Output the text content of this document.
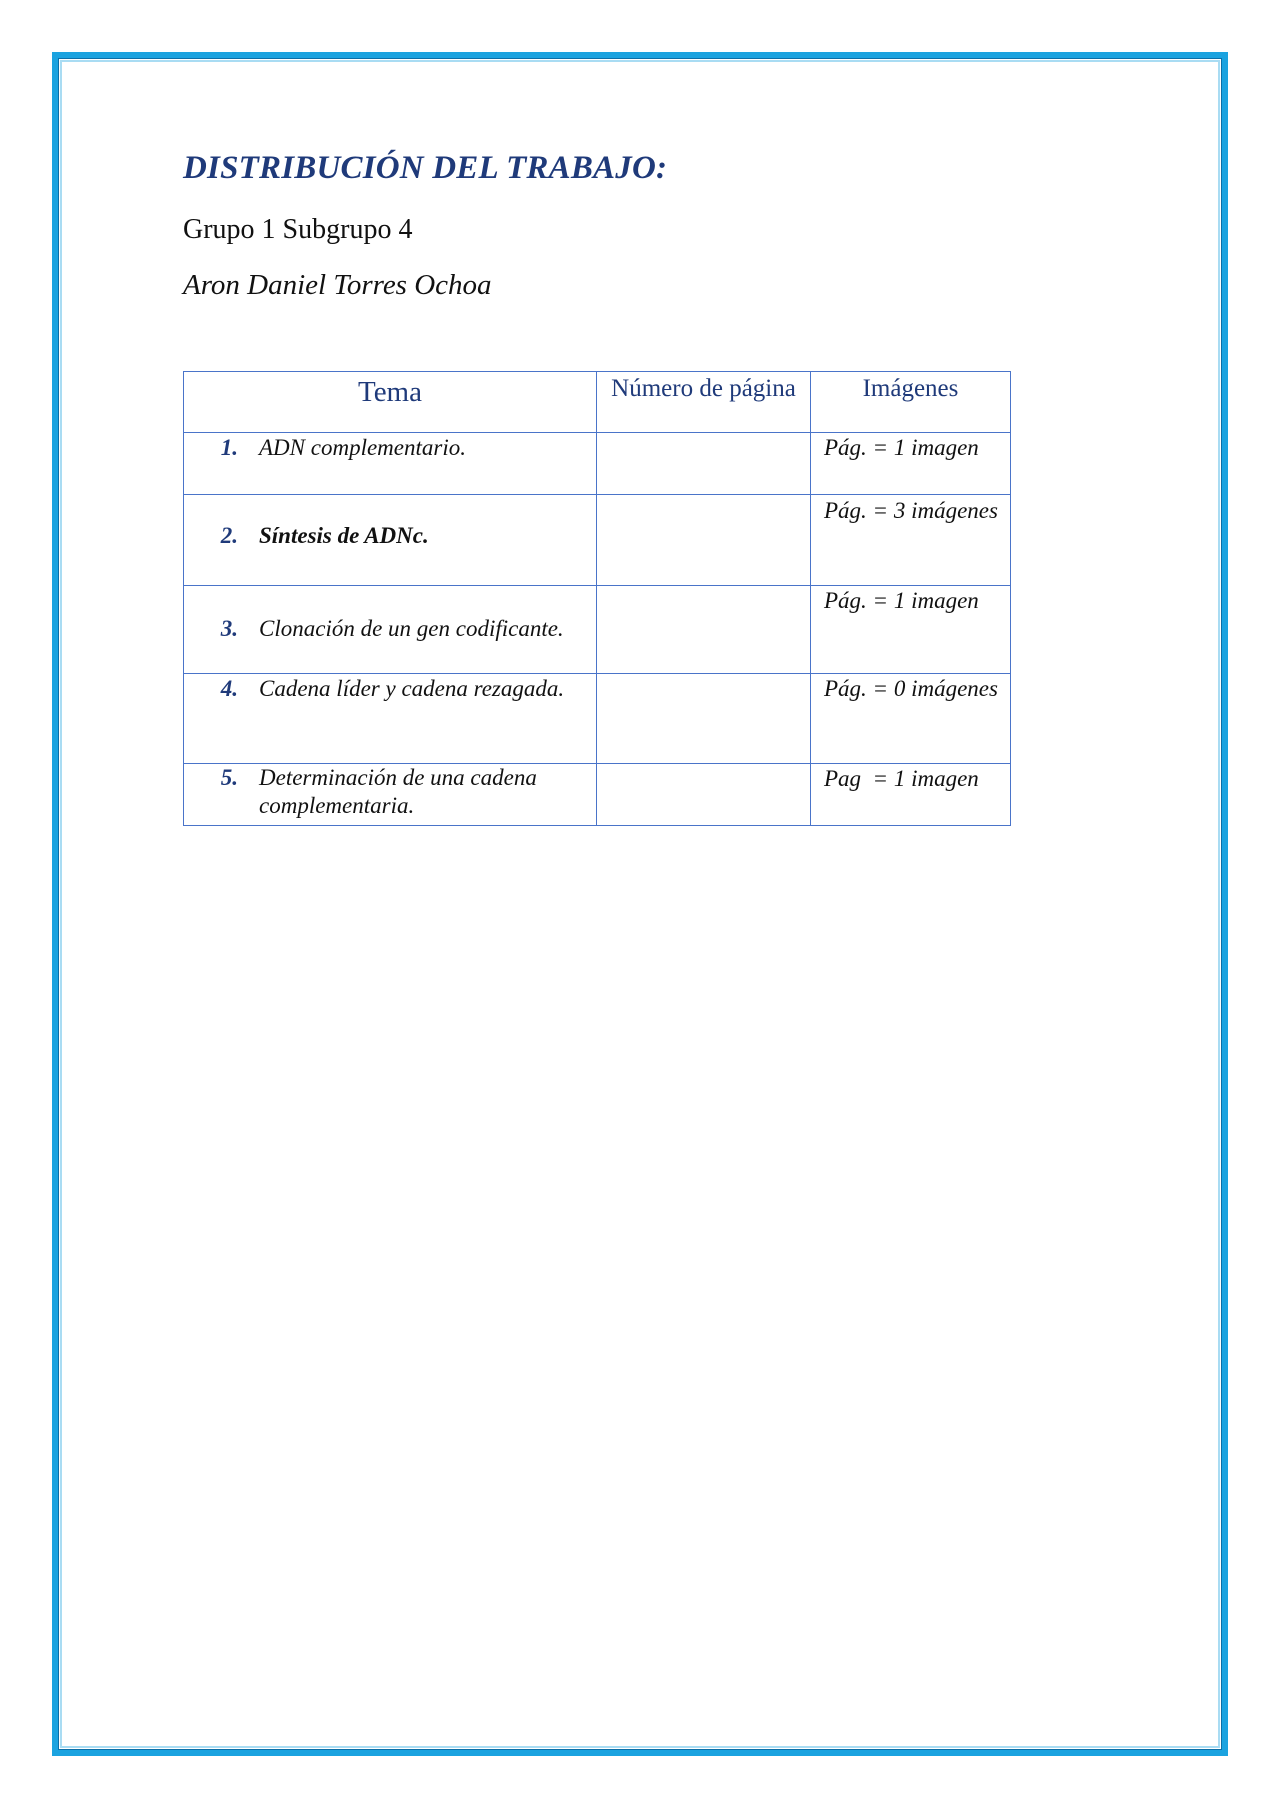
DISTRIBUCIÓN DEL TRABAJO:

Grupo 1 Subgrupo 4

Aron Daniel Torres Ochoa

Tema	Número de página	Imágenes

1. ADN complementario.		Pág. = 1 imagen

2. Síntesis de ADNc.		Pág. = 3 imágenes

3. Clonación de un gen codificante.		Pág. = 1 imagen

4. Cadena líder y cadena rezagada.		Pág. = 0 imágenes

5. Determinación de una cadena complementaria.		Pag  = 1 imagen
